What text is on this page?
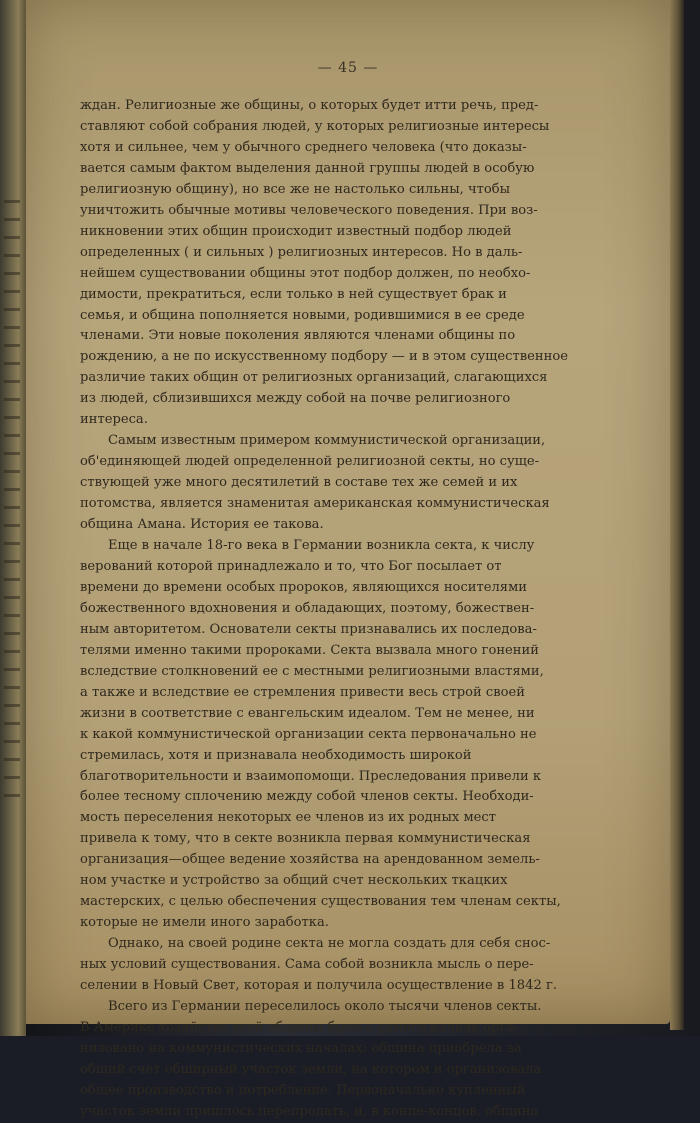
— 45 —
ждан. Религиозные же общины, о которых будет итти речь, пред-
ставляют собой собрания людей, у которых религиозные интересы
хотя и сильнее, чем у обычного среднего человека (что доказы-
вается самым фактом выделения данной группы людей в особую
религиозную общину), но все же не настолько сильны, чтобы
уничтожить обычные мотивы человеческого поведения. При воз-
никновении этих общин происходит известный подбор людей
определенных ( и сильных ) религиозных интересов. Но в даль-
нейшем существовании общины этот подбор должен, по необхо-
димости, прекратиться, если только в ней существует брак и
семья, и община пополняется новыми, родившимися в ее среде
членами. Эти новые поколения являются членами общины по
рождению, а не по искусственному подбору — и в этом существенное
различие таких общин от религиозных организаций, слагающихся
из людей, сблизившихся между собой на почве религиозного
интереса.
Самым известным примером коммунистической организации,
об'единяющей людей определенной религиозной секты, но суще-
ствующей уже много десятилетий в составе тех же семей и их
потомства, является знаменитая американская коммунистическая
община Амана. История ее такова.
Еще в начале 18-го века в Германии возникла секта, к числу
верований которой принадлежало и то, что Бог посылает от
времени до времени особых пророков, являющихся носителями
божественного вдохновения и обладающих, поэтому, божествен-
ным авторитетом. Основатели секты признавались их последова-
телями именно такими пророками. Секта вызвала много гонений
вследствие столкновений ее с местными религиозными властями,
а также и вследствие ее стремления привести весь строй своей
жизни в соответствие с евангельским идеалом. Тем не менее, ни
к какой коммунистической организации секта первоначально не
стремилась, хотя и признавала необходимость широкой
благотворительности и взаимопомощи. Преследования привели к
более тесному сплочению между собой членов секты. Необходи-
мость переселения некоторых ее членов из их родных мест
привела к тому, что в секте возникла первая коммунистическая
организация—общее ведение хозяйства на арендованном земель-
ном участке и устройство за общий счет нескольких ткацких
мастерских, с целью обеспечения существования тем членам секты,
которые не имели иного заработка.
Однако, на своей родине секта не могла создать для себя снос-
ных условий существования. Сама собой возникла мысль о пере-
селении в Новый Свет, которая и получила осуществление в 1842 г.
Всего из Германии переселилось около тысячи членов секты.
В Америке хозяйство всей общины было с самого начала орга-
низовано на коммунистических началах: община приобрела за
общий счет обширный участок земли, на котором и организовала
общее производство и потребление. Первоначально купленный
участок земли пришлось перепродать, и, в конце-концов, община
